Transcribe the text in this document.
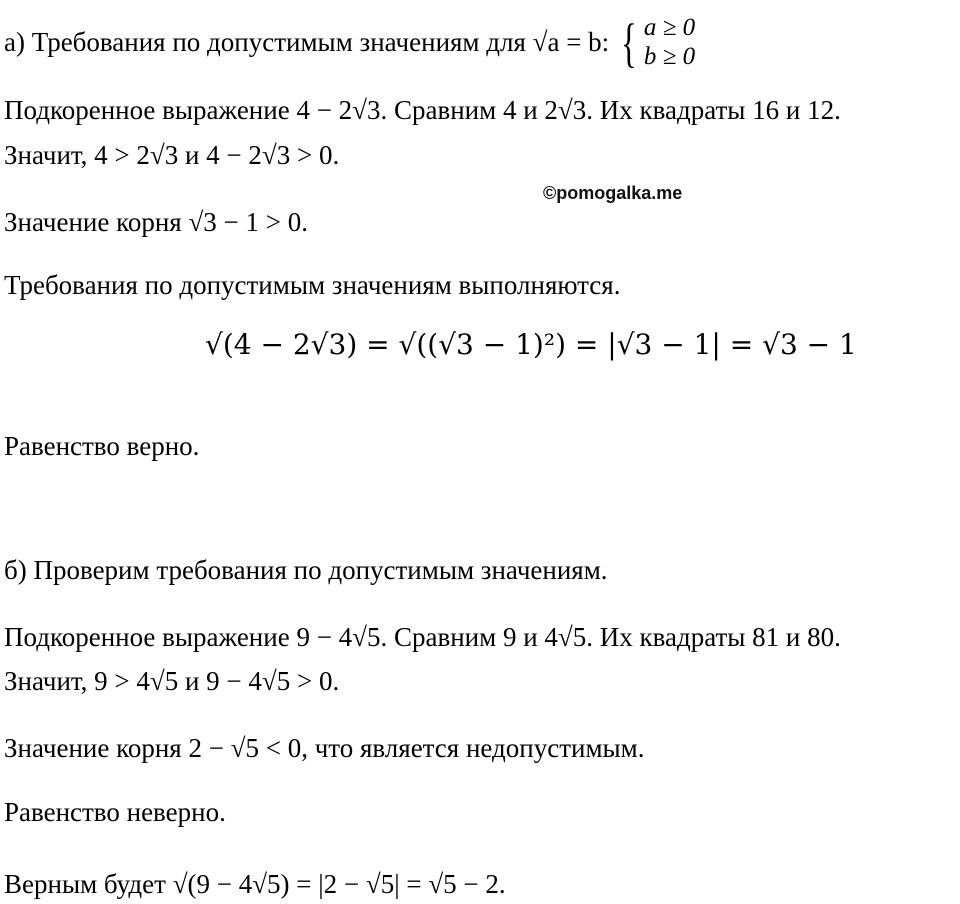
а) Требования по допустимым значениям для √a = b: { a ≥ 0
b ≥ 0
Подкоренное выражение 4 − 2√3. Сравним 4 и 2√3. Их квадраты 16 и 12.
Значит, 4 > 2√3 и 4 − 2√3 > 0.
©pomogalka.me
Значение корня √3 − 1 > 0.
Требования по допустимым значениям выполняются.
√(4 − 2√3) = √((√3 − 1)²) = |√3 − 1| = √3 − 1
Равенство верно.
б) Проверим требования по допустимым значениям.
Подкоренное выражение 9 − 4√5. Сравним 9 и 4√5. Их квадраты 81 и 80.
Значит, 9 > 4√5 и 9 − 4√5 > 0.
Значение корня 2 − √5 < 0, что является недопустимым.
Равенство неверно.
Верным будет √(9 − 4√5) = |2 − √5| = √5 − 2.
